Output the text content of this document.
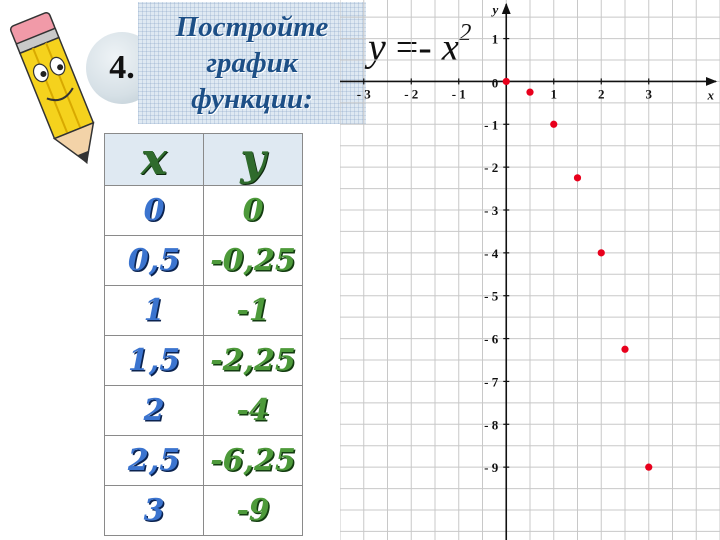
4.
Постройте
график
функции:
$y =- x^2$
x	y
0	0
0,5	-0,25
1	-1
1,5	-2,25
2	-4
2,5	-6,25
3	-9
- 3	- 2	- 1	1	2	3
1
- 1
- 2
- 3
- 4
- 5
- 6
- 7
- 8
- 9
0
x
y
